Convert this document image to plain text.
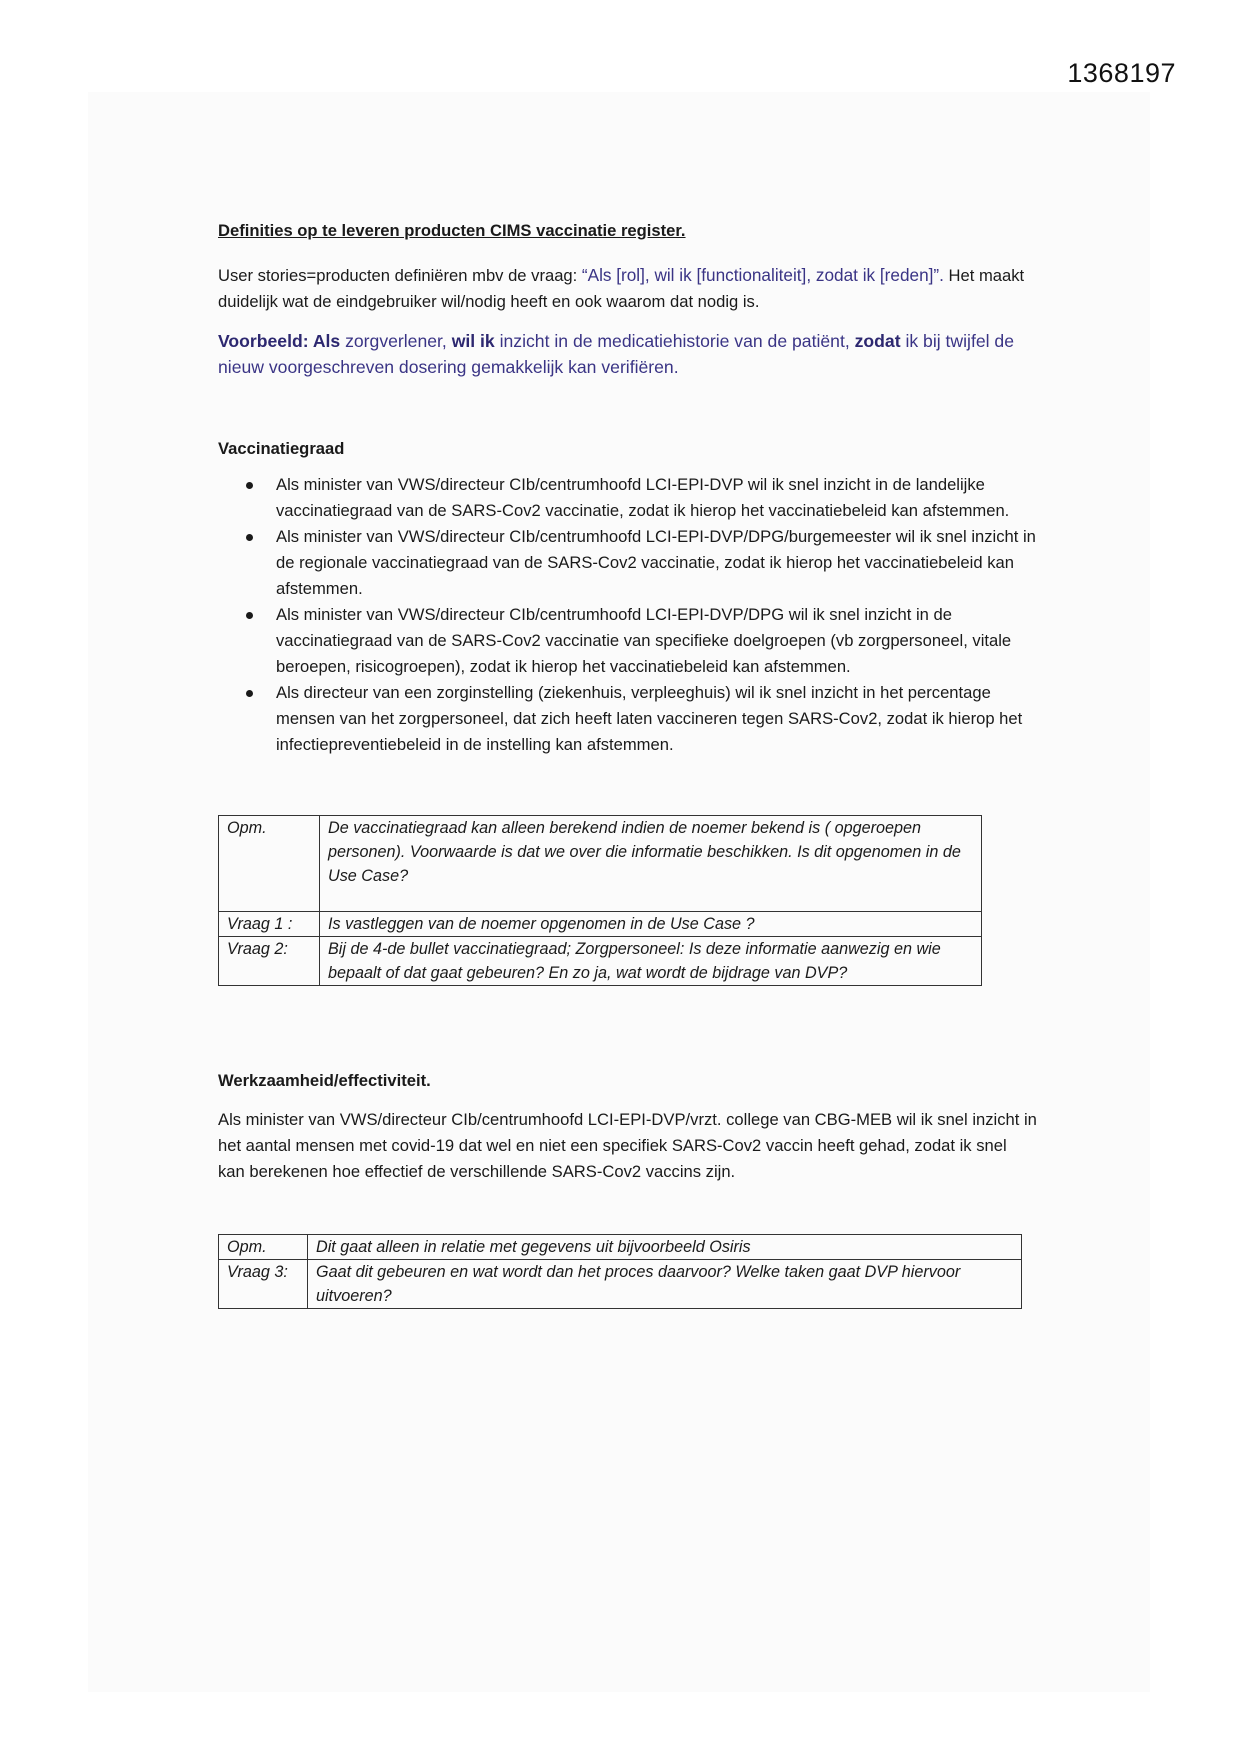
1368197

Definities op te leveren producten CIMS vaccinatie register.

User stories=producten definiëren mbv de vraag: “Als [rol], wil ik [functionaliteit], zodat ik [reden]”. Het maakt duidelijk wat de eindgebruiker wil/nodig heeft en ook waarom dat nodig is.

Voorbeeld: Als zorgverlener, wil ik inzicht in de medicatiehistorie van de patiënt, zodat ik bij twijfel de nieuw voorgeschreven dosering gemakkelijk kan verifiëren.

Vaccinatiegraad

Als minister van VWS/directeur CIb/centrumhoofd LCI-EPI-DVP wil ik snel inzicht in de landelijke vaccinatiegraad van de SARS-Cov2 vaccinatie, zodat ik hierop het vaccinatiebeleid kan afstemmen.
Als minister van VWS/directeur CIb/centrumhoofd LCI-EPI-DVP/DPG/burgemeester wil ik snel inzicht in de regionale vaccinatiegraad van de SARS-Cov2 vaccinatie, zodat ik hierop het vaccinatiebeleid kan afstemmen.
Als minister van VWS/directeur CIb/centrumhoofd LCI-EPI-DVP/DPG wil ik snel inzicht in de vaccinatiegraad van de SARS-Cov2 vaccinatie van specifieke doelgroepen (vb zorgpersoneel, vitale beroepen, risicogroepen), zodat ik hierop het vaccinatiebeleid kan afstemmen.
Als directeur van een zorginstelling (ziekenhuis, verpleeghuis) wil ik snel inzicht in het percentage mensen van het zorgpersoneel, dat zich heeft laten vaccineren tegen SARS-Cov2, zodat ik hierop het infectiepreventiebeleid in de instelling kan afstemmen.
Opm.	De vaccinatiegraad kan alleen berekend indien de noemer bekend is ( opgeroepen personen). Voorwaarde is dat we over die informatie beschikken. Is dit opgenomen in de Use Case?
Vraag 1 :	Is vastleggen van de noemer opgenomen in de Use Case ?
Vraag 2:	Bij de 4-de bullet vaccinatiegraad; Zorgpersoneel: Is deze informatie aanwezig en wie bepaalt of dat gaat gebeuren? En zo ja, wat wordt de bijdrage van DVP?

Werkzaamheid/effectiviteit.

Als minister van VWS/directeur CIb/centrumhoofd LCI-EPI-DVP/vrzt. college van CBG-MEB wil ik snel inzicht in het aantal mensen met covid-19 dat wel en niet een specifiek SARS-Cov2 vaccin heeft gehad, zodat ik snel kan berekenen hoe effectief de verschillende SARS-Cov2 vaccins zijn.

Opm.	Dit gaat alleen in relatie met gegevens uit bijvoorbeeld Osiris
Vraag 3:	Gaat dit gebeuren en wat wordt dan het proces daarvoor? Welke taken gaat DVP hiervoor uitvoeren?
